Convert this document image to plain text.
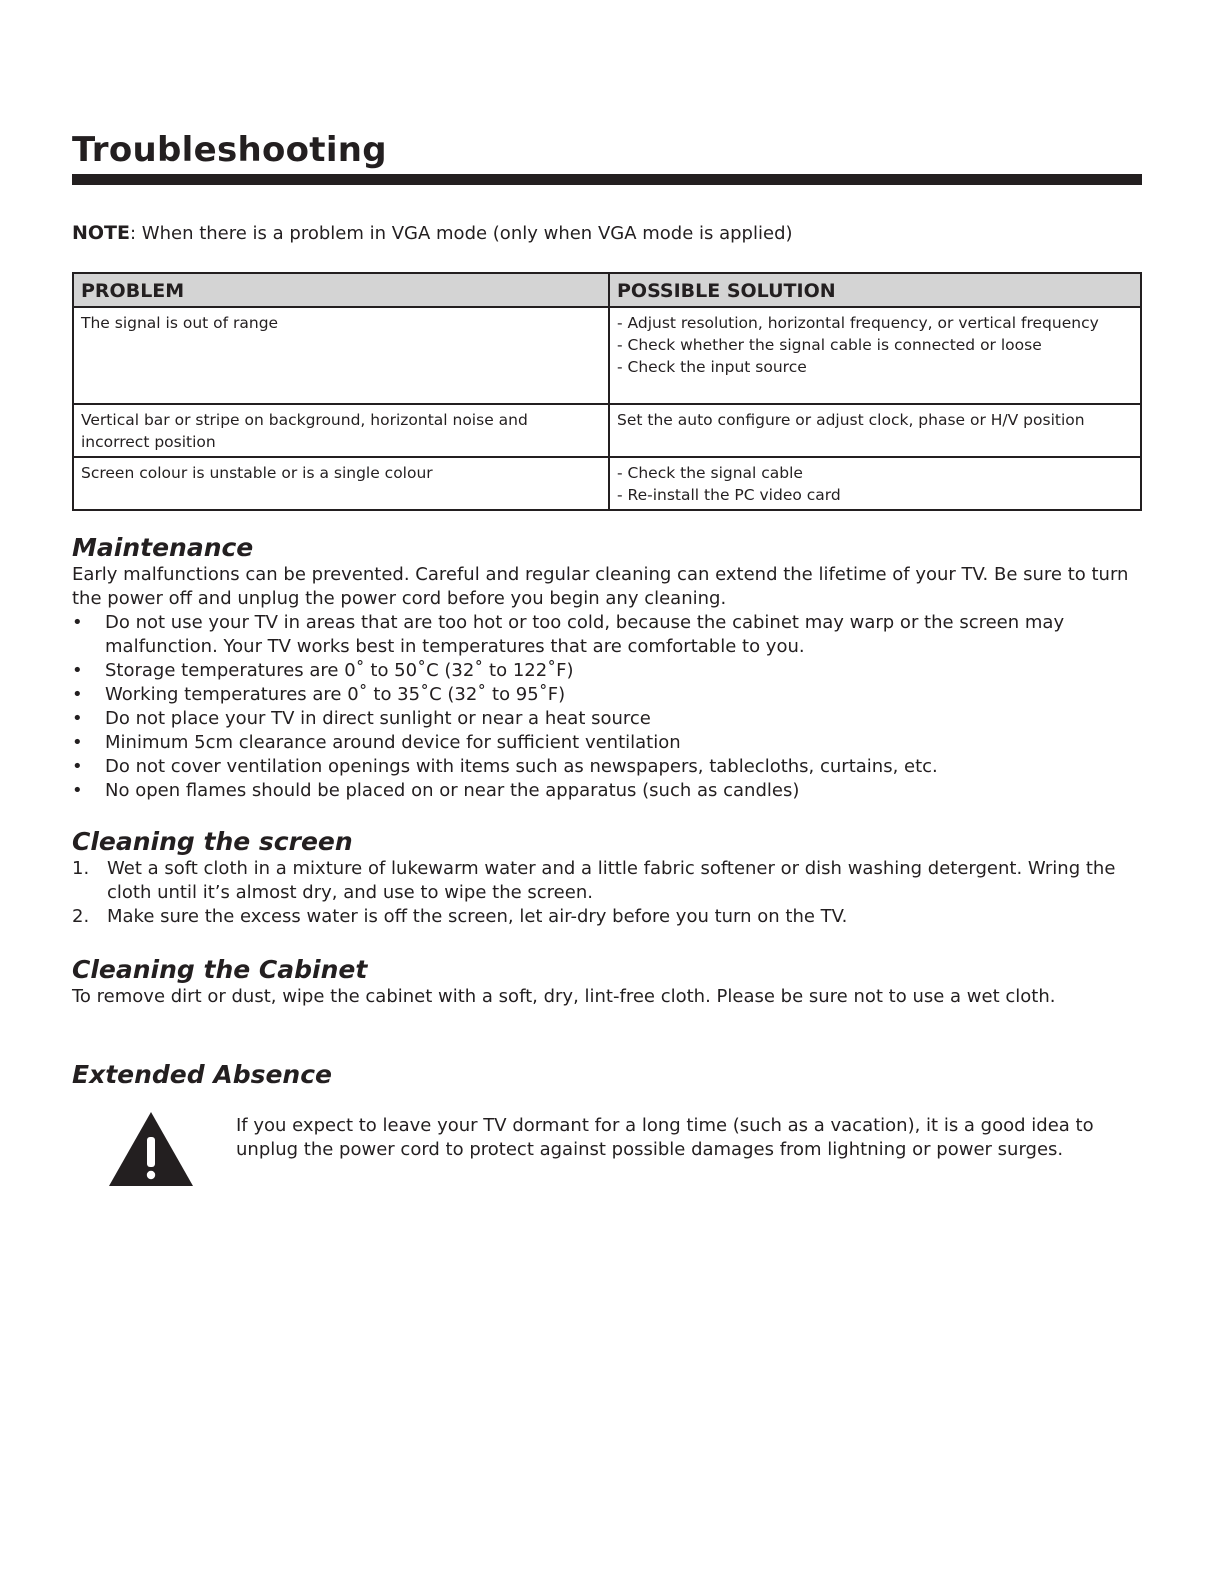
Troubleshooting
NOTE: When there is a problem in VGA mode (only when VGA mode is applied)
PROBLEM	POSSIBLE SOLUTION
The signal is out of range	- Adjust resolution, horizontal frequency, or vertical frequency
- Check whether the signal cable is connected or loose
- Check the input source

Vertical bar or stripe on background, horizontal noise and incorrect position	Set the auto configure or adjust clock, phase or H/V position
Screen colour is unstable or is a single colour	- Check the signal cable
- Re-install the PC video card
Maintenance

Early malfunctions can be prevented. Careful and regular cleaning can extend the lifetime of your TV. Be sure to turn the power off and unplug the power cord before you begin any cleaning.

• Do not use your TV in areas that are too hot or too cold, because the cabinet may warp or the screen may malfunction. Your TV works best in temperatures that are comfortable to you.
• Storage temperatures are 0˚ to 50˚C (32˚ to 122˚F)
• Working temperatures are 0˚ to 35˚C (32˚ to 95˚F)
• Do not place your TV in direct sunlight or near a heat source
• Minimum 5cm clearance around device for sufficient ventilation
• Do not cover ventilation openings with items such as newspapers, tablecloths, curtains, etc.
• No open flames should be placed on or near the apparatus (such as candles)
Cleaning the screen
1. Wet a soft cloth in a mixture of lukewarm water and a little fabric softener or dish washing detergent. Wring the cloth until it’s almost dry, and use to wipe the screen.
2. Make sure the excess water is off the screen, let air-dry before you turn on the TV.
Cleaning the Cabinet

To remove dirt or dust, wipe the cabinet with a soft, dry, lint-free cloth. Please be sure not to use a wet cloth.

Extended Absence
If you expect to leave your TV dormant for a long time (such as a vacation), it is a good idea to unplug the power cord to protect against possible damages from lightning or power surges.
